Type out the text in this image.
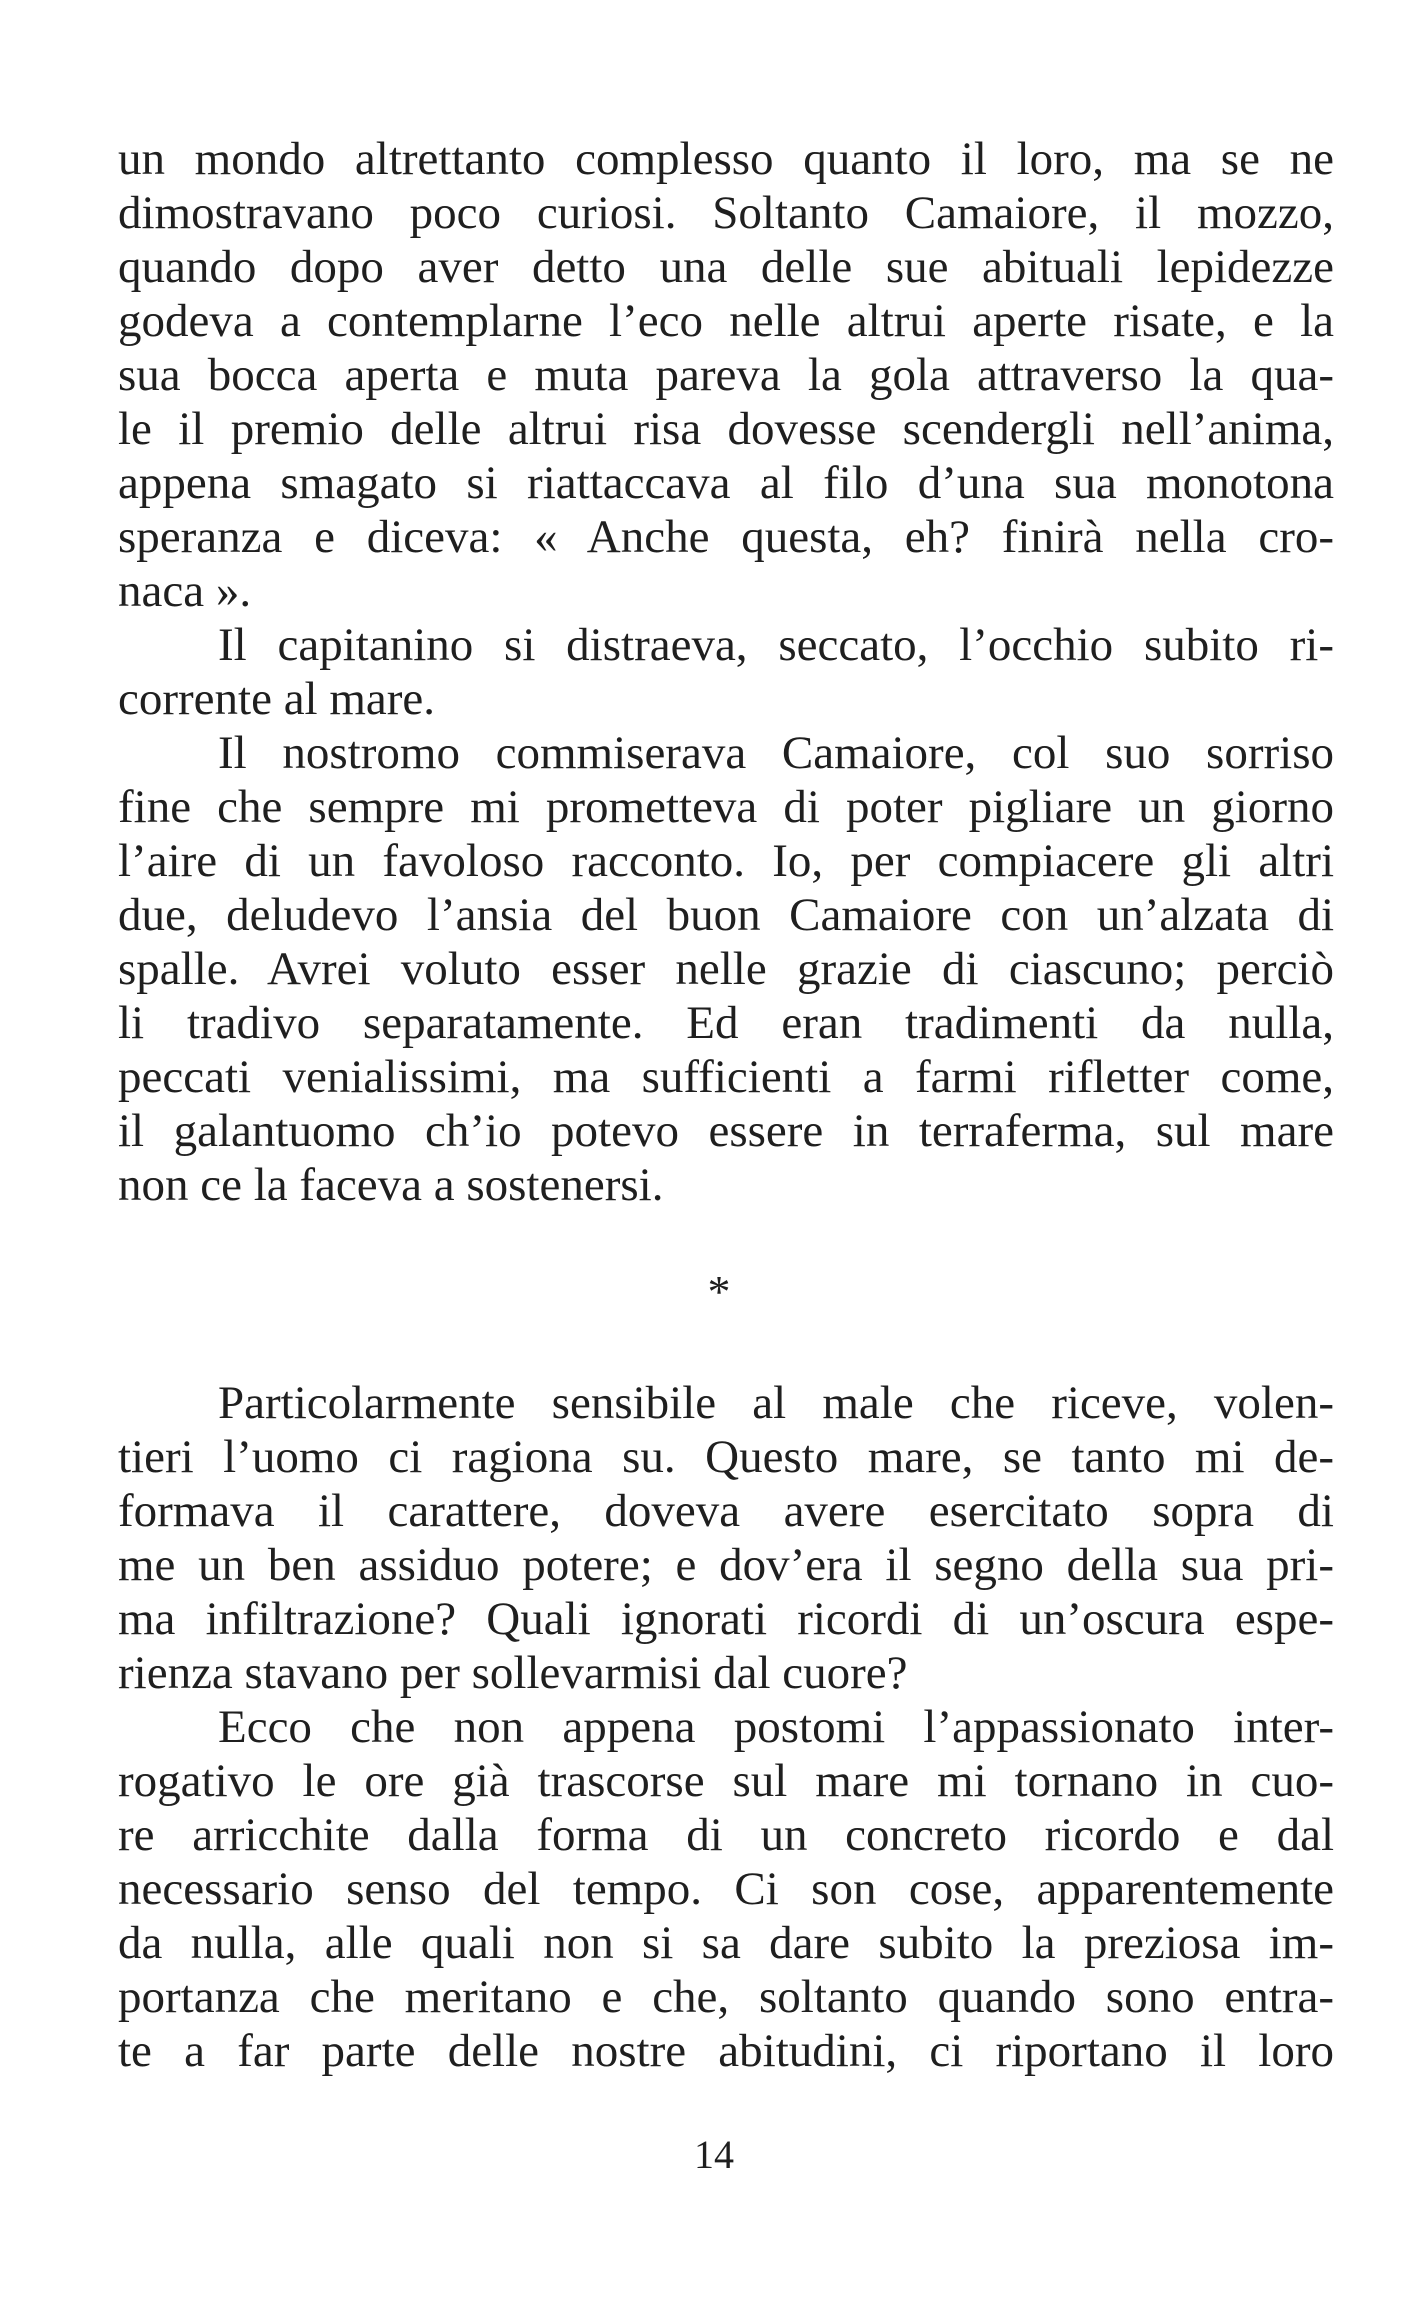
un mondo altrettanto complesso quanto il loro, ma se ne
dimostravano poco curiosi. Soltanto Camaiore, il mozzo,
quando dopo aver detto una delle sue abituali lepidezze
godeva a contemplarne l’eco nelle altrui aperte risate, e la
sua bocca aperta e muta pareva la gola attraverso la qua-
le il premio delle altrui risa dovesse scendergli nell’anima,
appena smagato si riattaccava al filo d’una sua monotona
speranza e diceva: « Anche questa, eh? finirà nella cro-
naca ».
Il capitanino si distraeva, seccato, l’occhio subito ri-
corrente al mare.
Il nostromo commiserava Camaiore, col suo sorriso
fine che sempre mi prometteva di poter pigliare un giorno
l’aire di un favoloso racconto. Io, per compiacere gli altri
due, deludevo l’ansia del buon Camaiore con un’alzata di
spalle. Avrei voluto esser nelle grazie di ciascuno; perciò
li tradivo separatamente. Ed eran tradimenti da nulla,
peccati venialissimi, ma sufficienti a farmi rifletter come,
il galantuomo ch’io potevo essere in terraferma, sul mare
non ce la faceva a sostenersi.
Particolarmente sensibile al male che riceve, volen-
tieri l’uomo ci ragiona su. Questo mare, se tanto mi de-
formava il carattere, doveva avere esercitato sopra di
me un ben assiduo potere; e dov’era il segno della sua pri-
ma infiltrazione? Quali ignorati ricordi di un’oscura espe-
rienza stavano per sollevarmisi dal cuore?
Ecco che non appena postomi l’appassionato inter-
rogativo le ore già trascorse sul mare mi tornano in cuo-
re arricchite dalla forma di un concreto ricordo e dal
necessario senso del tempo. Ci son cose, apparentemente
da nulla, alle quali non si sa dare subito la preziosa im-
portanza che meritano e che, soltanto quando sono entra-
te a far parte delle nostre abitudini, ci riportano il loro
*
14
